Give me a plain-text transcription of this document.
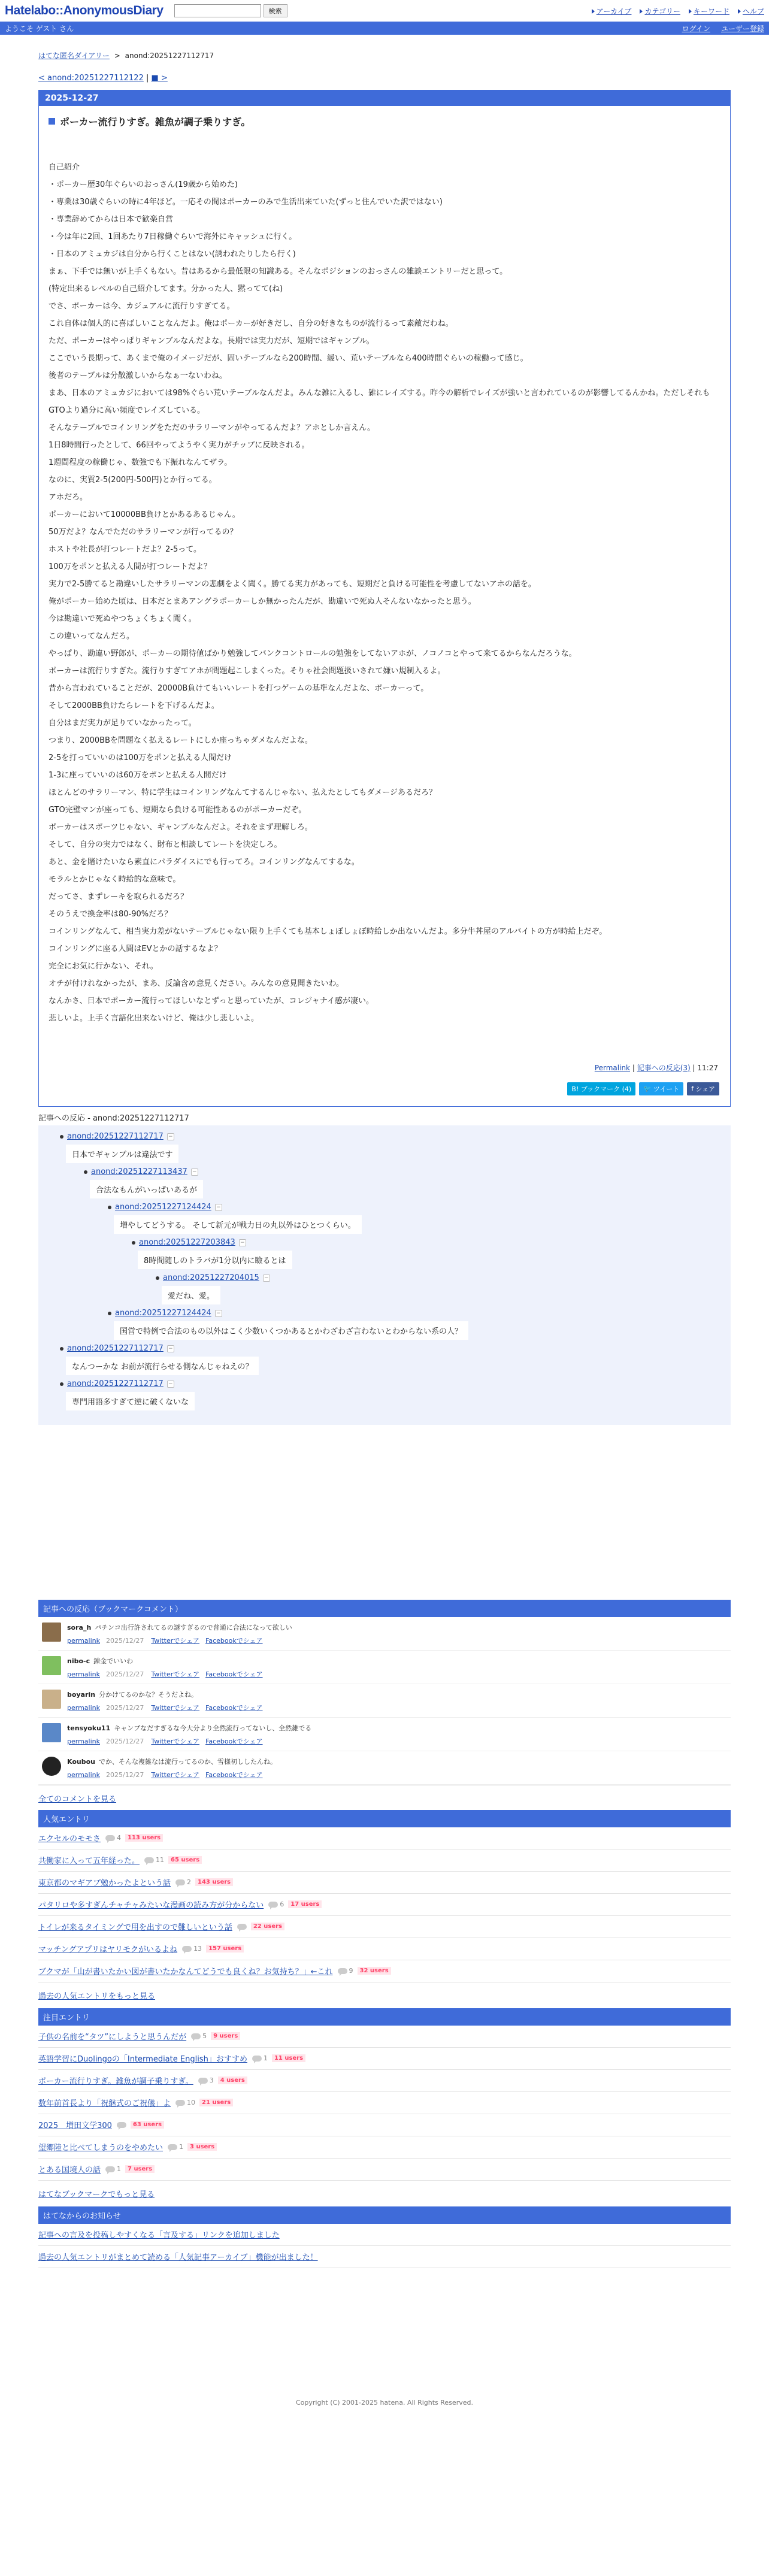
Hatelabo::AnonymousDiary	検索	アーカイブ	カテゴリー	キーワード	ヘルプ
ようこそ ゲスト さん	ログイン ユーザー登録
はてな匿名ダイアリー > anond:20251227112717
< anond:20251227112122 | ■ >
2025-12-27
ポーカー流行りすぎ。雑魚が調子乗りすぎ。

自己紹介

・ポーカー歴30年ぐらいのおっさん(19歳から始めた)

・専業は30歳ぐらいの時に4年ほど。一応その間はポーカーのみで生活出来ていた(ずっと住んでいた訳ではない)

・専業辞めてからは日本で歓楽自営

・今は年に2回、1回あたり7日稼働ぐらいで海外にキャッシュに行く。

・日本のアミュカジは自分から行くことはない(誘われたりしたら行く)

まぁ、下手では無いが上手くもない。昔はあるから最低限の知識ある。そんなポジションのおっさんの雑談エントリーだと思って。

(特定出来るレベルの自己紹介してます。分かった人、黙ってて(ね)

でさ、ポーカーは今、カジュアルに流行りすぎてる。

これ自体は個人的に喜ばしいことなんだよ。俺はポーカーが好きだし、自分の好きなものが流行るって素敵だわね。

ただ、ポーカーはやっぱりギャンブルなんだよな。長期では実力だが、短期ではギャンブル。

ここでいう長期って、あくまで俺のイメージだが、固いテーブルなら200時間、緩い、荒いテーブルなら400時間ぐらいの稼働って感じ。

後者のテーブルは分散激しいからなぁ一ないわね。

まあ、日本のアミュカジにおいては98%ぐらい荒いテーブルなんだよ。みんな雑に入るし、雑にレイズする。昨今の解析でレイズが強いと言われているのが影響してるんかね。ただしそれもGTOより過分に高い頻度でレイズしている。

そんなテーブルでコインリングをただのサラリーマンがやってるんだよ？アホとしか言えん。

1日8時間行ったとして、66回やってようやく実力がチップに反映される。

1週間程度の稼働じゃ、数強でも下振れなんてザラ。

なのに、実質2-5(200円-500円)とか行ってる。

アホだろ。

ポーカーにおいて10000BB負けとかあるあるじゃん。

50万だよ？なんでただのサラリーマンが行ってるの？

ホストや社長が打つレートだよ？2-5って。

100万をポンと払える人間が打つレートだよ？

実力で2-5勝てると勘違いしたサラリーマンの悲劇をよく聞く。勝てる実力があっても、短期だと負ける可能性を考慮してないアホの話を。

俺がポーカー始めた頃は、日本だとまあアングラポーカーしか無かったんだが、勘違いで死ぬ人そんないなかったと思う。

今は勘違いで死ぬやつちょくちょく聞く。

この違いってなんだろ。

やっぱり、勘違い野郎が、ポーカーの期待値ばかり勉強してバンクコントロールの勉強をしてないアホが、ノコノコとやって来てるからなんだろうな。

ポーカーは流行りすぎた。流行りすぎてアホが問題起こしまくった。そりゃ社会問題扱いされて嫌い規制入るよ。

昔から言われていることだが、20000B負けてもいいレートを打つゲームの基準なんだよな、ポーカーって。

そして2000BB負けたらレートを下げるんだよ。

自分はまだ実力が足りていなかったって。

つまり、2000BBを問題なく払えるレートにしか座っちゃダメなんだよな。

2-5を打っていいのは100万をポンと払える人間だけ

1-3に座っていいのは60万をポンと払える人間だけ

ほとんどのサラリーマン、特に学生はコインリングなんてするんじゃない、払えたとしてもダメージあるだろ？

GTO完璧マンが座っても、短期なら負ける可能性あるのがポーカーだぞ。

ポーカーはスポーツじゃない、ギャンブルなんだよ。それをまず理解しろ。

そして、自分の実力ではなく、財布と相談してレートを決定しろ。

あと、金を賭けたいなら素直にパラダイスにでも行ってろ。コインリングなんてするな。

モラルとかじゃなく時給的な意味で。

だってさ、まずレーキを取られるだろ？

そのうえで換金率は80-90%だろ？

コインリングなんて、相当実力差がないテーブルじゃない限り上手くても基本しょぼしょぼ時給しか出ないんだよ。多分牛丼屋のアルバイトの方が時給上だぞ。

コインリングに座る人間はEVとかの話するなよ？

完全にお気に行かない、それ。

オチが付けれなかったが、まあ、反論含め意見ください。みんなの意見聞きたいわ。

なんかさ、日本でポーカー流行ってほしいなとずっと思っていたが、コレジャナイ感が凄い。

悲しいよ。上手く言語化出来ないけど、俺は少し悲しいよ。

Permalink | 記事への反応(3) | 11:27
B! ブックマーク (4)	🐦 ツイート f シェア
記事への反応 - anond:20251227112717
anond:20251227112717 −
日本でギャンブルは違法です
anond:20251227113437 −
合法なもんがいっぱいあるが
anond:20251227124424 −
増やしてどうする。 そして新元が戦力日の丸以外はひとつくらい。
anond:20251227203843 −
8時間随しのトラバが1分以内に瞼るとは
anond:20251227204015 −
愛だね、愛。
anond:20251227124424 −
国営で特例で合法のもの以外はこく少数いくつかあるとかわざわざ言わないとわからない系の人？
anond:20251227112717 −
なんつーかな お前が流行らせる側なんじゃねえの？
anond:20251227112717 −
専門用語多すぎて逆に破くないな
記事への反応（ブックマークコメント）
sora_h パチンコ出行許されてるの謎すぎるので普通に合法になって欲しい
permalink 2025/12/27 Twitterでシェア Facebookでシェア
nibo-c 錬金でいいわ
permalink 2025/12/27 Twitterでシェア Facebookでシェア
boyarin 分かけてるのかな？そうだよね。
permalink 2025/12/27 Twitterでシェア Facebookでシェア
tensyoku11 キャンプなだすぎるな今大分より全然流行ってないし、全然雑でる
permalink 2025/12/27 Twitterでシェア Facebookでシェア
Koubou でか、そんな複雑なは流行ってるのか、雪様初ししたんね。
permalink 2025/12/27 Twitterでシェア Facebookでシェア
全てのコメントを見る
人気エントリ
エクセルのモモさ 4	113 users
共働家に入って五年経った。 11	65 users
東京都のマギアプ勉かったよという話 2	143 users
パタリロや多すぎんチャチャみたいな漫画の読み方が分からない 6	17 users
トイレが来るタイミングで用を出すので難しいという話	22 users
マッチングアプリはヤリモクがいるよね 13	157 users
ブクマが「山が書いたかい図が書いたかなんてどうでも良くね？お気持ち？」←これ 9	32 users
過去の人気エントリをもっと見る
注目エントリ
子供の名前を“タツ”にしようと思うんだが 5	9 users
英語学習にDuolingoの「Intermediate English」おすすめ 1	11 users
ポーカー流行りすぎ。雑魚が調子乗りすぎ。 3	4 users
数年前首長より「祝継式のご祝儀」よ 10	21 users
2025　増田文学300	63 users
望郷陸と比べてしまうのをやめたい 1	3 users
とある国境人の話 1	7 users
はてなブックマークでもっと見る
はてなからのお知らせ
記事への言及を投稿しやすくなる「言及する」リンクを追加しました
過去の人気エントリがまとめて読める「人気記事アーカイブ」機能が出ました！
Copyright (C) 2001-2025 hatena. All Rights Reserved.
